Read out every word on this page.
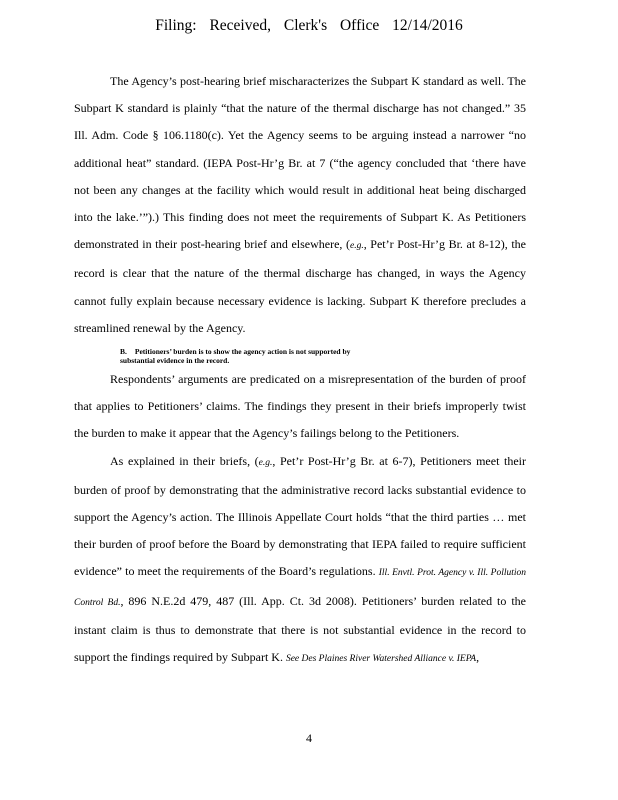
Filing: Received, Clerk's Office 12/14/2016

The Agency’s post-hearing brief mischaracterizes the Subpart K standard as well. The Subpart K standard is plainly “that the nature of the thermal discharge has not changed.” 35 Ill. Adm. Code § 106.1180(c). Yet the Agency seems to be arguing instead a narrower “no additional heat” standard. (IEPA Post-Hr’g Br. at 7 (“the agency concluded that ‘there have not been any changes at the facility which would result in additional heat being discharged into the lake.’”).) This finding does not meet the requirements of Subpart K. As Petitioners demonstrated in their post-hearing brief and elsewhere, (e.g., Pet’r Post-Hr’g Br. at 8-12), the record is clear that the nature of the thermal discharge has changed, in ways the Agency cannot fully explain because necessary evidence is lacking. Subpart K therefore precludes a streamlined renewal by the Agency.

B. Petitioners’ burden is to show the agency action is not supported by substantial evidence in the record.

Respondents’ arguments are predicated on a misrepresentation of the burden of proof that applies to Petitioners’ claims. The findings they present in their briefs improperly twist the burden to make it appear that the Agency’s failings belong to the Petitioners.

As explained in their briefs, (e.g., Pet’r Post-Hr’g Br. at 6-7), Petitioners meet their burden of proof by demonstrating that the administrative record lacks substantial evidence to support the Agency’s action. The Illinois Appellate Court holds “that the third parties … met their burden of proof before the Board by demonstrating that IEPA failed to require sufficient evidence” to meet the requirements of the Board’s regulations. Ill. Envtl. Prot. Agency v. Ill. Pollution Control Bd., 896 N.E.2d 479, 487 (Ill. App. Ct. 3d 2008). Petitioners’ burden related to the instant claim is thus to demonstrate that there is not substantial evidence in the record to support the findings required by Subpart K. See Des Plaines River Watershed Alliance v. IEPA,

4
